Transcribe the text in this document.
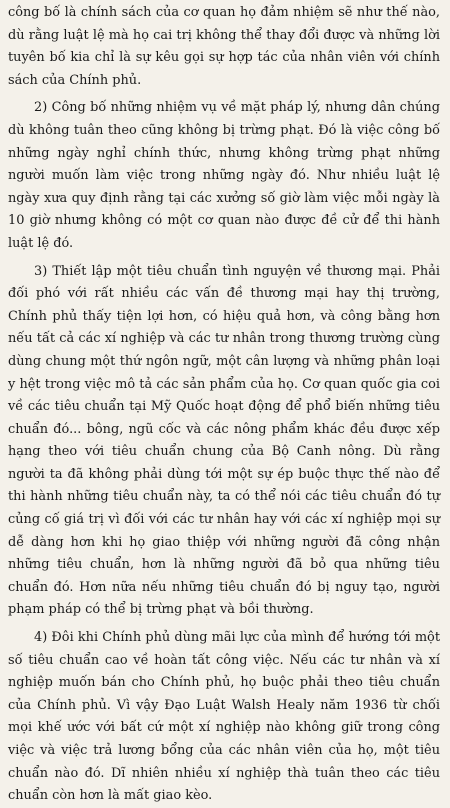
công bố là chính sách của cơ quan họ đảm nhiệm sẽ như thế nào, dù rằng luật lệ mà họ cai trị không thể thay đổi được và những lời tuyên bố kia chỉ là sự kêu gọi sự hợp tác của nhân viên với chính sách của Chính phủ.

2) Công bố những nhiệm vụ về mặt pháp lý, nhưng dân chúng dù không tuân theo cũng không bị trừng phạt. Đó là việc công bố những ngày nghỉ chính thức, nhưng không trừng phạt những người muốn làm việc trong những ngày đó. Như nhiều luật lệ ngày xưa quy định rằng tại các xưởng số giờ làm việc mỗi ngày là 10 giờ nhưng không có một cơ quan nào được đề cử để thi hành luật lệ đó.

3) Thiết lập một tiêu chuẩn tình nguyện về thương mại. Phải đối phó với rất nhiều các vấn đề thương mại hay thị trường, Chính phủ thấy tiện lợi hơn, có hiệu quả hơn, và công bằng hơn nếu tất cả các xí nghiệp và các tư nhân trong thương trường cùng dùng chung một thứ ngôn ngữ, một cân lượng và những phân loại y hệt trong việc mô tả các sản phẩm của họ. Cơ quan quốc gia coi về các tiêu chuẩn tại Mỹ Quốc hoạt động để phổ biến những tiêu chuẩn đó... bông, ngũ cốc và các nông phẩm khác đều được xếp hạng theo với tiêu chuẩn chung của Bộ Canh nông. Dù rằng người ta đã không phải dùng tới một sự ép buộc thực thế nào để thi hành những tiêu chuẩn này, ta có thể nói các tiêu chuẩn đó tự củng cố giá trị vì đối với các tư nhân hay với các xí nghiệp mọi sự dễ dàng hơn khi họ giao thiệp với những người đã công nhận những tiêu chuẩn, hơn là những người đã bỏ qua những tiêu chuẩn đó. Hơn nữa nếu những tiêu chuẩn đó bị nguy tạo, người phạm pháp có thể bị trừng phạt và bồi thường.

4) Đôi khi Chính phủ dùng mãi lực của mình để hướng tới một số tiêu chuẩn cao về hoàn tất công việc. Nếu các tư nhân và xí nghiệp muốn bán cho Chính phủ, họ buộc phải theo tiêu chuẩn của Chính phủ. Vì vậy Đạo Luật Walsh Healy năm 1936 từ chối mọi khế ước với bất cứ một xí nghiệp nào không giữ trong công việc và việc trả lương bổng của các nhân viên của họ, một tiêu chuẩn nào đó. Dĩ nhiên nhiều xí nghiệp thà tuân theo các tiêu chuẩn còn hơn là mất giao kèo.
